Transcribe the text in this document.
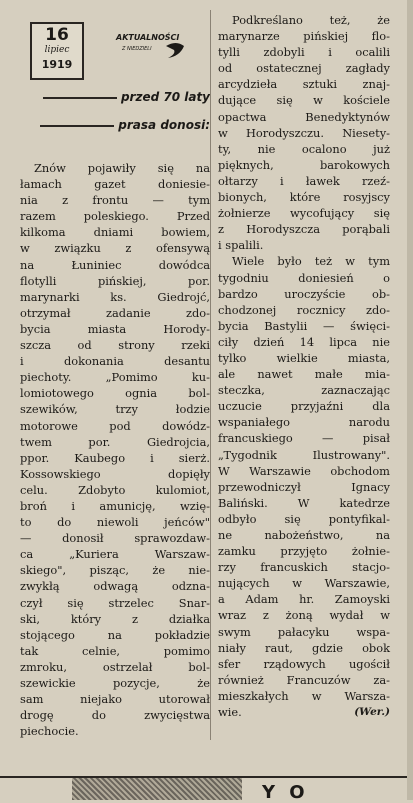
16
lipiec
1919
AKTUALNOŚCI
Z NIEDZIELI
przed 70 laty
prasa donosi:
Znów pojawiły się na
łamach gazet doniesie-
nia z frontu — tym
razem poleskiego. Przed
kilkoma dniami bowiem,
w związku z ofensywą
na Łuniniec dowódca
flotylli pińskiej, por.
marynarki ks. Giedrojć,
otrzymał zadanie zdo-
bycia miasta Horody-
szcza od strony rzeki
i dokonania desantu
piechoty. „Pomimo ku-
lomiotowego ognia bol-
szewików, trzy łodzie
motorowe pod dowódz-
twem por. Giedrojcia,
ppor. Kaubego i sierż.
Kossowskiego dopięły
celu. Zdobyto kulomiot,
broń i amunicję, wzię-
to do niewoli jeńców"
— donosił sprawozdaw-
ca „Kuriera Warszaw-
skiego", pisząc, że nie-
zwykłą odwagą odzna-
czył się strzelec Snar-
ski, który z działka
stojącego na pokładzie
tak celnie, pomimo
zmroku, ostrzelał bol-
szewickie pozycje, że
sam niejako utorował
drogę do zwycięstwa
piechocie.
Podkreślano też, że
marynarze pińskiej flo-
tylli zdobyli i ocalili
od ostatecznej zagłady
arcydzieła sztuki znaj-
dujące się w kościele
opactwa Benedyktynów
w Horodyszczu. Niesety-
ty, nie ocalono już
pięknych, barokowych
ołtarzy i ławek rzeź-
bionych, które rosyjscy
żołnierze wycofujący się
z Horodyszcza porąbali
i spalili.
Wiele było też w tym
tygodniu doniesień o
bardzo uroczyście ob-
chodzonej rocznicy zdo-
bycia Bastylii — święci-
ciły dzień 14 lipca nie
tylko wielkie miasta,
ale nawet małe mia-
steczka, zaznaczając
uczucie przyjaźni dla
wspaniałego narodu
francuskiego — pisał
„Tygodnik Ilustrowany".
W Warszawie obchodom
przewodniczył Ignacy
Baliński. W katedrze
odbyło się pontyfikal-
ne nabożeństwo, na
zamku przyjęto żołnie-
rzy francuskich stacjo-
nujących w Warszawie,
a Adam hr. Zamoyski
wraz z żoną wydał w
swym pałacyku wspa-
niały raut, gdzie obok
sfer rządowych ugościł
również Francuzów za-
mieszkałych w Warsza-
wie.	(Wer.)
Y O
